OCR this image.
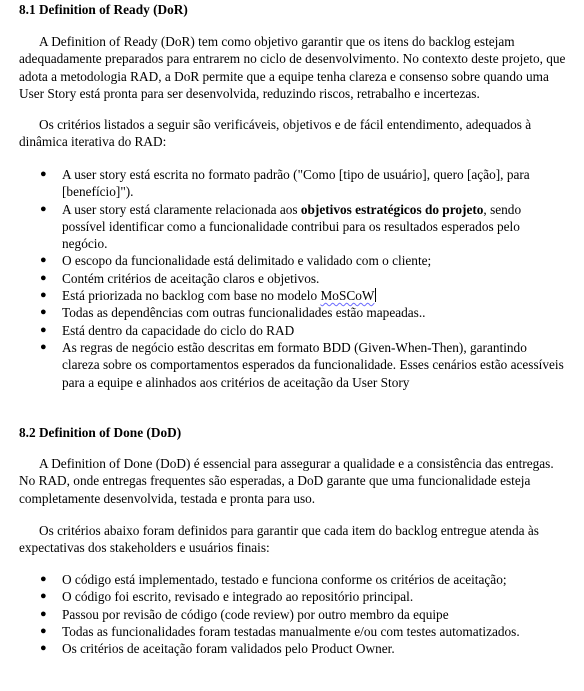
8.1 Definition of Ready (DoR)

A Definition of Ready (DoR) tem como objetivo garantir que os itens do backlog estejam adequadamente preparados para entrarem no ciclo de desenvolvimento. No contexto deste projeto, que adota a metodologia RAD, a DoR permite que a equipe tenha clareza e consenso sobre quando uma User Story está pronta para ser desenvolvida, reduzindo riscos, retrabalho e incertezas.

Os critérios listados a seguir são verificáveis, objetivos e de fácil entendimento, adequados à dinâmica iterativa do RAD:

● A user story está escrita no formato padrão ("Como [tipo de usuário], quero [ação], para [benefício]").
● A user story está claramente relacionada aos objetivos estratégicos do projeto, sendo possível identificar como a funcionalidade contribui para os resultados esperados pelo negócio.
● O escopo da funcionalidade está delimitado e validado com o cliente;
● Contém critérios de aceitação claros e objetivos.
● Está priorizada no backlog com base no modelo MoSCoW
● Todas as dependências com outras funcionalidades estão mapeadas..
● Está dentro da capacidade do ciclo do RAD
● As regras de negócio estão descritas em formato BDD (Given-When-Then), garantindo clareza sobre os comportamentos esperados da funcionalidade. Esses cenários estão acessíveis para a equipe e alinhados aos critérios de aceitação da User Story
8.2 Definition of Done (DoD)

A Definition of Done (DoD) é essencial para assegurar a qualidade e a consistência das entregas. No RAD, onde entregas frequentes são esperadas, a DoD garante que uma funcionalidade esteja completamente desenvolvida, testada e pronta para uso.

Os critérios abaixo foram definidos para garantir que cada item do backlog entregue atenda às expectativas dos stakeholders e usuários finais:

● O código está implementado, testado e funciona conforme os critérios de aceitação;
● O código foi escrito, revisado e integrado ao repositório principal.
● Passou por revisão de código (code review) por outro membro da equipe
● Todas as funcionalidades foram testadas manualmente e/ou com testes automatizados.
● Os critérios de aceitação foram validados pelo Product Owner.
